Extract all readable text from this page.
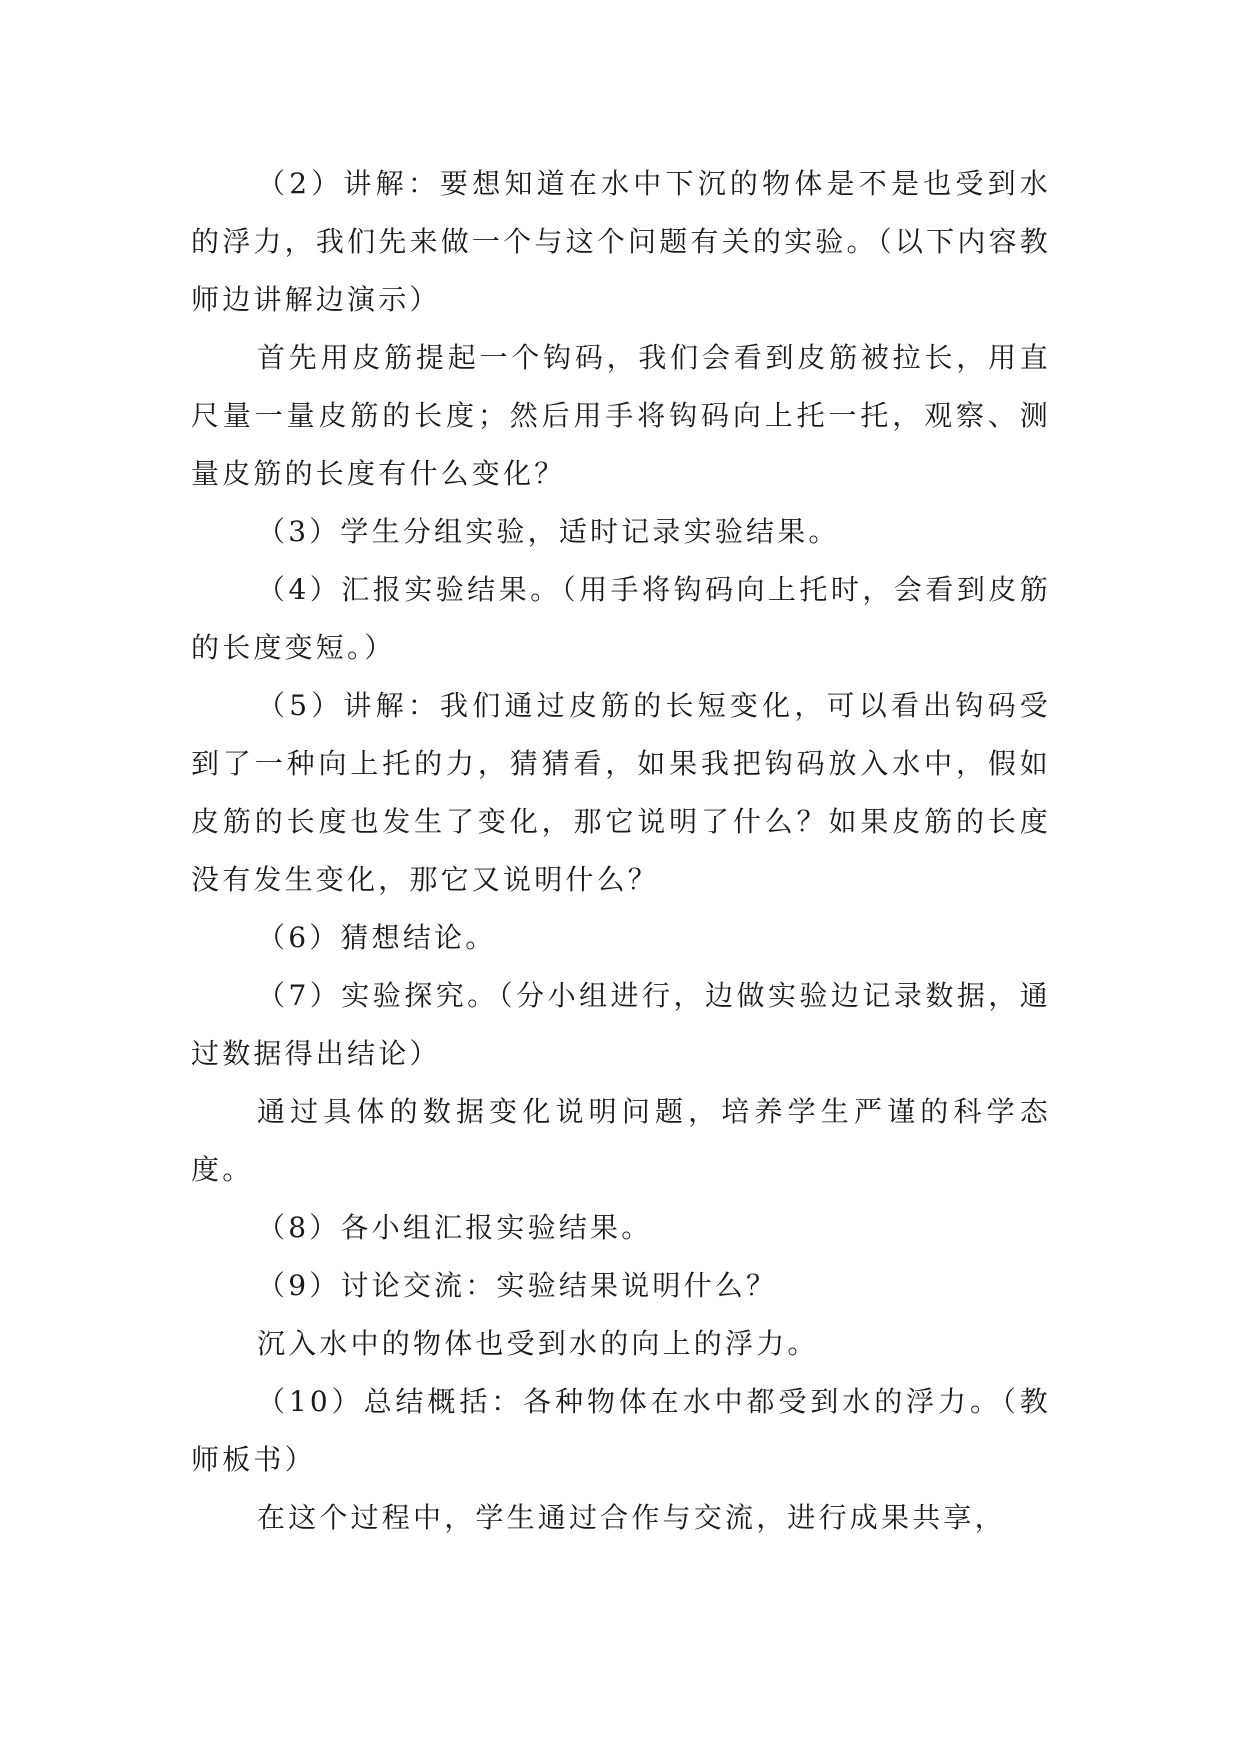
（2）讲解：要想知道在水中下沉的物体是不是也受到水的浮力，我们先来做一个与这个问题有关的实验。（以下内容教师边讲解边演示）

首先用皮筋提起一个钩码，我们会看到皮筋被拉长，用直尺量一量皮筋的长度；然后用手将钩码向上托一托，观察、测量皮筋的长度有什么变化？

（3）学生分组实验，适时记录实验结果。

（4）汇报实验结果。（用手将钩码向上托时，会看到皮筋的长度变短。）

（5）讲解：我们通过皮筋的长短变化，可以看出钩码受到了一种向上托的力，猜猜看，如果我把钩码放入水中，假如皮筋的长度也发生了变化，那它说明了什么？如果皮筋的长度没有发生变化，那它又说明什么？

（6）猜想结论。

（7）实验探究。（分小组进行，边做实验边记录数据，通过数据得出结论）

通过具体的数据变化说明问题，培养学生严谨的科学态度。

（8）各小组汇报实验结果。

（9）讨论交流：实验结果说明什么？

沉入水中的物体也受到水的向上的浮力。

（10）总结概括：各种物体在水中都受到水的浮力。（教师板书）

在这个过程中，学生通过合作与交流，进行成果共享，
